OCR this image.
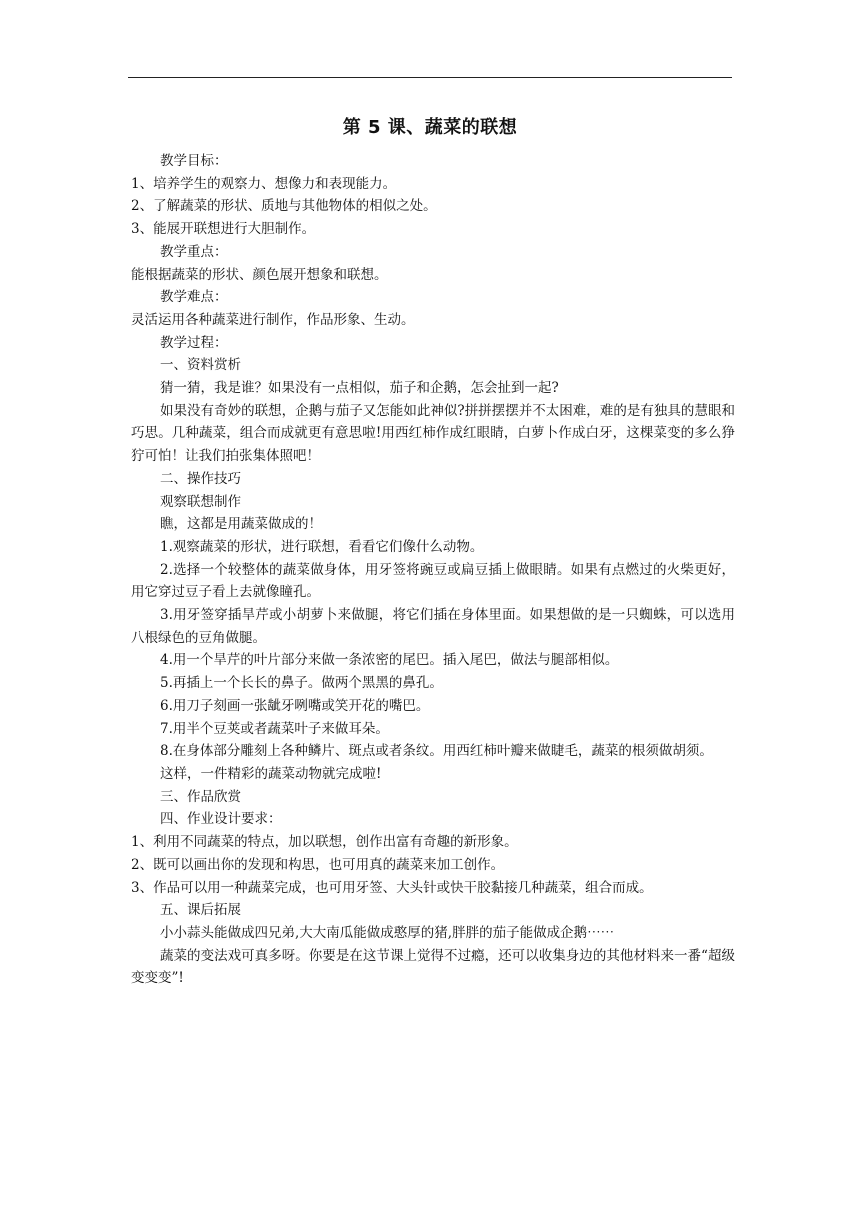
第 5 课、蔬菜的联想
教学目标：
1、培养学生的观察力、想像力和表现能力。
2、了解蔬菜的形状、质地与其他物体的相似之处。
3、能展开联想进行大胆制作。
教学重点：
能根据蔬菜的形状、颜色展开想象和联想。
教学难点：
灵活运用各种蔬菜进行制作，作品形象、生动。
教学过程：
一、资料赏析
猜一猜，我是谁？如果没有一点相似，茄子和企鹅，怎会扯到一起?
如果没有奇妙的联想，企鹅与茄子又怎能如此神似?拼拼摆摆并不太困难，难的是有独具的慧眼和巧思。几种蔬菜，组合而成就更有意思啦!用西红柿作成红眼睛，白萝卜作成白牙，这棵菜变的多么狰狞可怕！让我们拍张集体照吧！
二、操作技巧
观察联想制作
瞧，这都是用蔬菜做成的！
1.观察蔬菜的形状，进行联想，看看它们像什么动物。
2.选择一个较整体的蔬菜做身体，用牙签将豌豆或扁豆插上做眼睛。如果有点燃过的火柴更好，用它穿过豆子看上去就像瞳孔。
3.用牙签穿插旱芹或小胡萝卜来做腿，将它们插在身体里面。如果想做的是一只蜘蛛，可以选用八根绿色的豆角做腿。
4.用一个旱芹的叶片部分来做一条浓密的尾巴。插入尾巴，做法与腿部相似。
5.再插上一个长长的鼻子。做两个黑黑的鼻孔。
6.用刀子刻画一张龇牙咧嘴或笑开花的嘴巴。
7.用半个豆荚或者蔬菜叶子来做耳朵。
8.在身体部分雕刻上各种鳞片、斑点或者条纹。用西红柿叶瓣来做睫毛，蔬菜的根须做胡须。
这样，一件精彩的蔬菜动物就完成啦!
三、作品欣赏
四、作业设计要求：
1、利用不同蔬菜的特点，加以联想，创作出富有奇趣的新形象。
2、既可以画出你的发现和构思，也可用真的蔬菜来加工创作。
3、作品可以用一种蔬菜完成，也可用牙签、大头针或快干胶黏接几种蔬菜，组合而成。
五、课后拓展
小小蒜头能做成四兄弟,大大南瓜能做成憨厚的猪,胖胖的茄子能做成企鹅⋯⋯
蔬菜的变法戏可真多呀。你要是在这节课上觉得不过瘾，还可以收集身边的其他材料来一番“超级变变变”!
